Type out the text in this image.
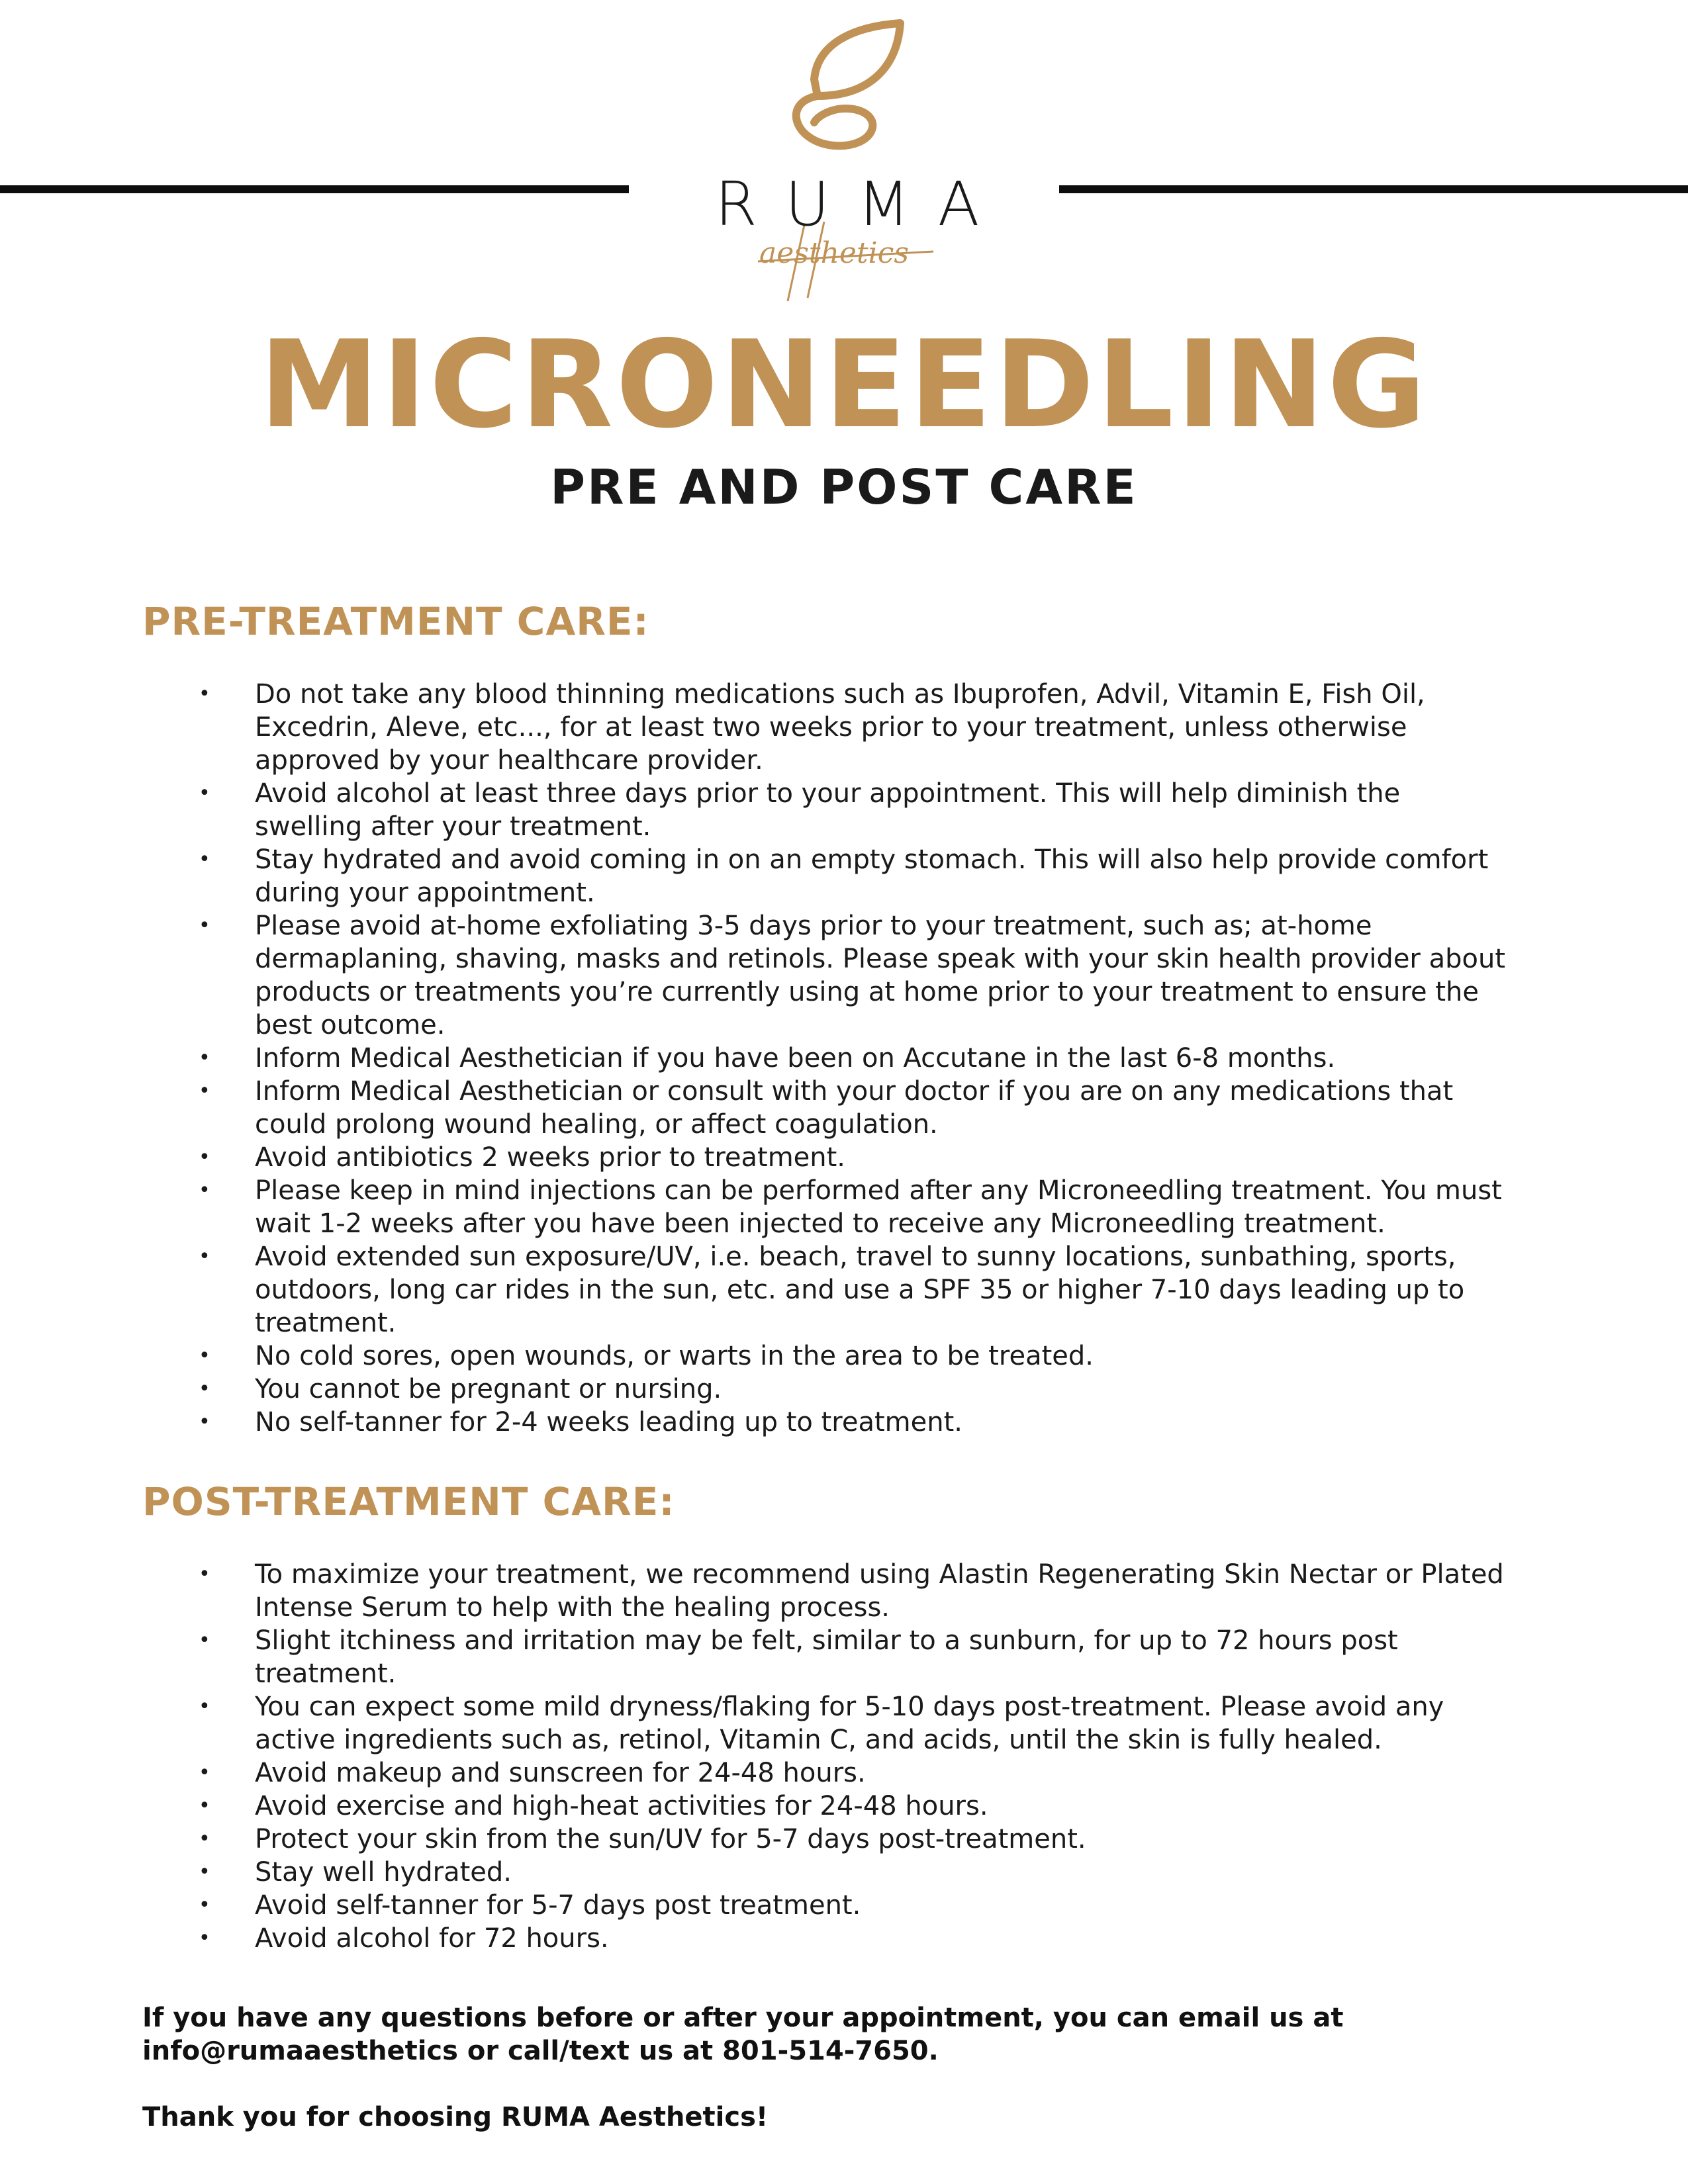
aesthetics
RUMA
MICRONEEDLING
PRE AND POST CARE
PRE-TREATMENT CARE:
•	Do not take any blood thinning medications such as Ibuprofen, Advil, Vitamin E, Fish Oil, Excedrin, Aleve, etc..., for at least two weeks prior to your treatment, unless otherwise approved by your healthcare provider.
•	Avoid alcohol at least three days prior to your appointment. This will help diminish the swelling after your treatment.
•	Stay hydrated and avoid coming in on an empty stomach. This will also help provide comfort during your appointment.
•	Please avoid at-home exfoliating 3-5 days prior to your treatment, such as; at-home dermaplaning, shaving, masks and retinols. Please speak with your skin health provider about products or treatments you’re currently using at home prior to your treatment to ensure the best outcome.
•	Inform Medical Aesthetician if you have been on Accutane in the last 6-8 months.
•	Inform Medical Aesthetician or consult with your doctor if you are on any medications that could prolong wound healing, or affect coagulation.
•	Avoid antibiotics 2 weeks prior to treatment.
•	Please keep in mind injections can be performed after any Microneedling treatment. You must wait 1-2 weeks after you have been injected to receive any Microneedling treatment.
•	Avoid extended sun exposure/UV, i.e. beach, travel to sunny locations, sunbathing, sports, outdoors, long car rides in the sun, etc. and use a SPF 35 or higher 7-10 days leading up to treatment.
•	No cold sores, open wounds, or warts in the area to be treated.
•	You cannot be pregnant or nursing.
•	No self-tanner for 2-4 weeks leading up to treatment.
POST-TREATMENT CARE:
•	To maximize your treatment, we recommend using Alastin Regenerating Skin Nectar or Plated Intense Serum to help with the healing process.
•	Slight itchiness and irritation may be felt, similar to a sunburn, for up to 72 hours post treatment.
•	You can expect some mild dryness/flaking for 5-10 days post-treatment. Please avoid any active ingredients such as, retinol, Vitamin C, and acids, until the skin is fully healed.
•	Avoid makeup and sunscreen for 24-48 hours.
•	Avoid exercise and high-heat activities for 24-48 hours.
•	Protect your skin from the sun/UV for 5-7 days post-treatment.
•	Stay well hydrated.
•	Avoid self-tanner for 5-7 days post treatment.
•	Avoid alcohol for 72 hours.
If you have any questions before or after your appointment, you can email us at info@rumaaesthetics or call/text us at 801-514-7650.
Thank you for choosing RUMA Aesthetics!
